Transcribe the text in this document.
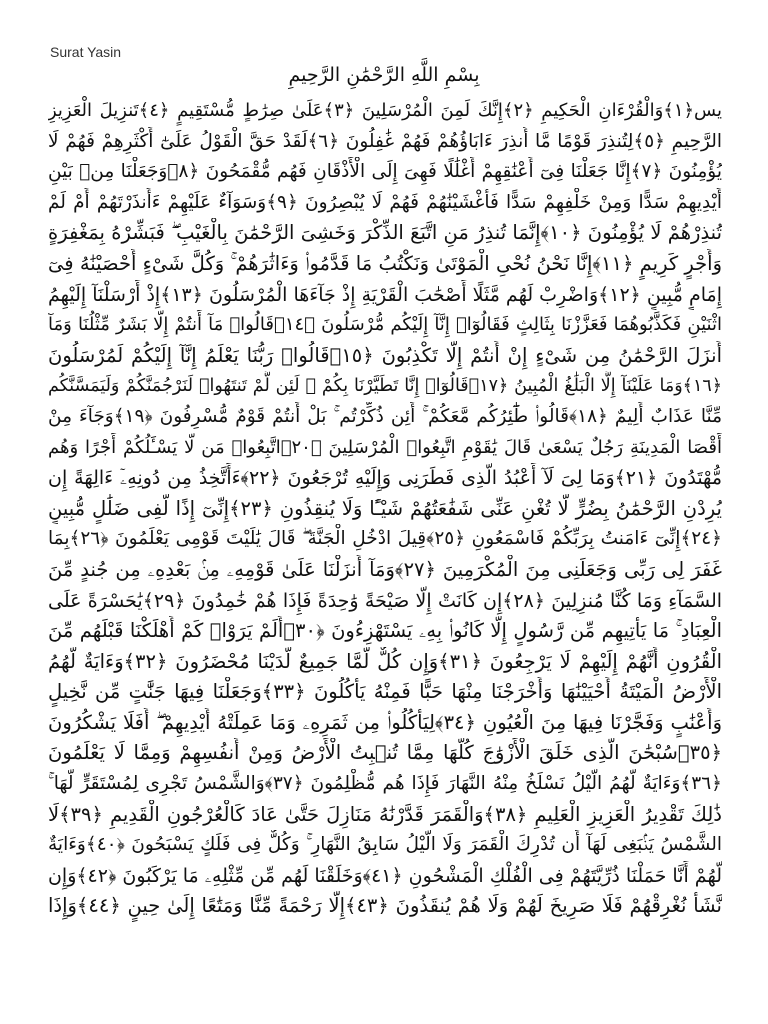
Surat Yasin
بِسْمِ اللَّهِ الرَّحْمَٰنِ الرَّحِيمِ
يس﴿١﴾وَالْقُرْءَانِ الْحَكِيمِ ﴿٢﴾إِنَّكَ لَمِنَ الْمُرْسَلِينَ ﴿٣﴾عَلَىٰ صِرَٰطٍ مُّسْتَقِيمٍ ﴿٤﴾تَنزِيلَ الْعَزِيزِ
الرَّحِيمِ ﴿٥﴾لِتُنذِرَ قَوْمًا مَّا أُنذِرَ ءَابَاؤُهُمْ فَهُمْ غَٰفِلُونَ ﴿٦﴾لَقَدْ حَقَّ الْقَوْلُ عَلَىٰٓ أَكْثَرِهِمْ فَهُمْ لَا
يُؤْمِنُونَ ﴿٧﴾إِنَّا جَعَلْنَا فِىٓ أَعْنَٰقِهِمْ أَغْلَٰلًا فَهِىَ إِلَى الْأَذْقَانِ فَهُم مُّقْمَحُونَ ﴿٨﴾وَجَعَلْنَا مِنۢ بَيْنِ
أَيْدِيهِمْ سَدًّا وَمِنْ خَلْفِهِمْ سَدًّا فَأَغْشَيْنَٰهُمْ فَهُمْ لَا يُبْصِرُونَ ﴿٩﴾وَسَوَآءٌ عَلَيْهِمْ ءَأَنذَرْتَهُمْ أَمْ لَمْ
تُنذِرْهُمْ لَا يُؤْمِنُونَ ﴿١٠﴾إِنَّمَا تُنذِرُ مَنِ اتَّبَعَ الذِّكْرَ وَخَشِىَ الرَّحْمَٰنَ بِالْغَيْبِ ۖ فَبَشِّرْهُ بِمَغْفِرَةٍ
وَأَجْرٍ كَرِيمٍ ﴿١١﴾إِنَّا نَحْنُ نُحْىِ الْمَوْتَىٰ وَنَكْتُبُ مَا قَدَّمُوا۟ وَءَاثَٰرَهُمْ ۚ وَكُلَّ شَىْءٍ أَحْصَيْنَٰهُ فِىٓ
إِمَامٍ مُّبِينٍ ﴿١٢﴾وَاضْرِبْ لَهُم مَّثَلًا أَصْحَٰبَ الْقَرْيَةِ إِذْ جَآءَهَا الْمُرْسَلُونَ ﴿١٣﴾إِذْ أَرْسَلْنَآ إِلَيْهِمُ
اثْنَيْنِ فَكَذَّبُوهُمَا فَعَزَّزْنَا بِثَالِثٍ فَقَالُوٓا۟ إِنَّآ إِلَيْكُم مُّرْسَلُونَ ﴿١٤﴾قَالُوا۟ مَآ أَنتُمْ إِلَّا بَشَرٌ مِّثْلُنَا وَمَآ
أَنزَلَ الرَّحْمَٰنُ مِن شَىْءٍ إِنْ أَنتُمْ إِلَّا تَكْذِبُونَ ﴿١٥﴾قَالُوا۟ رَبُّنَا يَعْلَمُ إِنَّآ إِلَيْكُمْ لَمُرْسَلُونَ
﴿١٦﴾وَمَا عَلَيْنَآ إِلَّا الْبَلَٰغُ الْمُبِينُ ﴿١٧﴾قَالُوٓا۟ إِنَّا تَطَيَّرْنَا بِكُمْ ۖ لَئِن لَّمْ تَنتَهُوا۟ لَنَرْجُمَنَّكُمْ وَلَيَمَسَّنَّكُم
مِّنَّا عَذَابٌ أَلِيمٌ ﴿١٨﴾قَالُوا۟ طَٰٓئِرُكُم مَّعَكُمْ ۚ أَئِن ذُكِّرْتُم ۚ بَلْ أَنتُمْ قَوْمٌ مُّسْرِفُونَ ﴿١٩﴾وَجَآءَ مِنْ
أَقْصَا الْمَدِينَةِ رَجُلٌ يَسْعَىٰ قَالَ يَٰقَوْمِ اتَّبِعُوا۟ الْمُرْسَلِينَ ﴿٢٠﴾اتَّبِعُوا۟ مَن لَّا يَسْـَٔلُكُمْ أَجْرًا وَهُم
مُّهْتَدُونَ ﴿٢١﴾وَمَا لِىَ لَآ أَعْبُدُ الَّذِى فَطَرَنِى وَإِلَيْهِ تُرْجَعُونَ ﴿٢٢﴾ءَأَتَّخِذُ مِن دُونِهِۦٓ ءَالِهَةً إِن
يُرِدْنِ الرَّحْمَٰنُ بِضُرٍّ لَّا تُغْنِ عَنِّى شَفَٰعَتُهُمْ شَيْـًٔا وَلَا يُنقِذُونِ ﴿٢٣﴾إِنِّىٓ إِذًا لَّفِى ضَلَٰلٍ مُّبِينٍ
﴿٢٤﴾إِنِّىٓ ءَامَنتُ بِرَبِّكُمْ فَاسْمَعُونِ ﴿٢٥﴾قِيلَ ادْخُلِ الْجَنَّةَ ۖ قَالَ يَٰلَيْتَ قَوْمِى يَعْلَمُونَ ﴿٢٦﴾بِمَا
غَفَرَ لِى رَبِّى وَجَعَلَنِى مِنَ الْمُكْرَمِينَ ﴿٢٧﴾وَمَآ أَنزَلْنَا عَلَىٰ قَوْمِهِۦ مِنۢ بَعْدِهِۦ مِن جُندٍ مِّنَ
السَّمَآءِ وَمَا كُنَّا مُنزِلِينَ ﴿٢٨﴾إِن كَانَتْ إِلَّا صَيْحَةً وَٰحِدَةً فَإِذَا هُمْ خَٰمِدُونَ ﴿٢٩﴾يَٰحَسْرَةً عَلَى
الْعِبَادِ ۚ مَا يَأْتِيهِم مِّن رَّسُولٍ إِلَّا كَانُوا۟ بِهِۦ يَسْتَهْزِءُونَ ﴿٣٠﴾أَلَمْ يَرَوْا۟ كَمْ أَهْلَكْنَا قَبْلَهُم مِّنَ
الْقُرُونِ أَنَّهُمْ إِلَيْهِمْ لَا يَرْجِعُونَ ﴿٣١﴾وَإِن كُلٌّ لَّمَّا جَمِيعٌ لَّدَيْنَا مُحْضَرُونَ ﴿٣٢﴾وَءَايَةٌ لَّهُمُ
الْأَرْضُ الْمَيْتَةُ أَحْيَيْنَٰهَا وَأَخْرَجْنَا مِنْهَا حَبًّا فَمِنْهُ يَأْكُلُونَ ﴿٣٣﴾وَجَعَلْنَا فِيهَا جَنَّٰتٍ مِّن نَّخِيلٍ
وَأَعْنَٰبٍ وَفَجَّرْنَا فِيهَا مِنَ الْعُيُونِ ﴿٣٤﴾لِيَأْكُلُوا۟ مِن ثَمَرِهِۦ وَمَا عَمِلَتْهُ أَيْدِيهِمْ ۖ أَفَلَا يَشْكُرُونَ
﴿٣٥﴾سُبْحَٰنَ الَّذِى خَلَقَ الْأَزْوَٰجَ كُلَّهَا مِمَّا تُنۢبِتُ الْأَرْضُ وَمِنْ أَنفُسِهِمْ وَمِمَّا لَا يَعْلَمُونَ
﴿٣٦﴾وَءَايَةٌ لَّهُمُ الَّيْلُ نَسْلَخُ مِنْهُ النَّهَارَ فَإِذَا هُم مُّظْلِمُونَ ﴿٣٧﴾وَالشَّمْسُ تَجْرِى لِمُسْتَقَرٍّ لَّهَا ۚ
ذَٰلِكَ تَقْدِيرُ الْعَزِيزِ الْعَلِيمِ ﴿٣٨﴾وَالْقَمَرَ قَدَّرْنَٰهُ مَنَازِلَ حَتَّىٰ عَادَ كَالْعُرْجُونِ الْقَدِيمِ ﴿٣٩﴾لَا
الشَّمْسُ يَنۢبَغِى لَهَآ أَن تُدْرِكَ الْقَمَرَ وَلَا الَّيْلُ سَابِقُ النَّهَارِ ۚ وَكُلٌّ فِى فَلَكٍ يَسْبَحُونَ ﴿٤٠﴾وَءَايَةٌ
لَّهُمْ أَنَّا حَمَلْنَا ذُرِّيَّتَهُمْ فِى الْفُلْكِ الْمَشْحُونِ ﴿٤١﴾وَخَلَقْنَا لَهُم مِّن مِّثْلِهِۦ مَا يَرْكَبُونَ ﴿٤٢﴾وَإِن
نَّشَأْ نُغْرِقْهُمْ فَلَا صَرِيخَ لَهُمْ وَلَا هُمْ يُنقَذُونَ ﴿٤٣﴾إِلَّا رَحْمَةً مِّنَّا وَمَتَٰعًا إِلَىٰ حِينٍ ﴿٤٤﴾وَإِذَا
